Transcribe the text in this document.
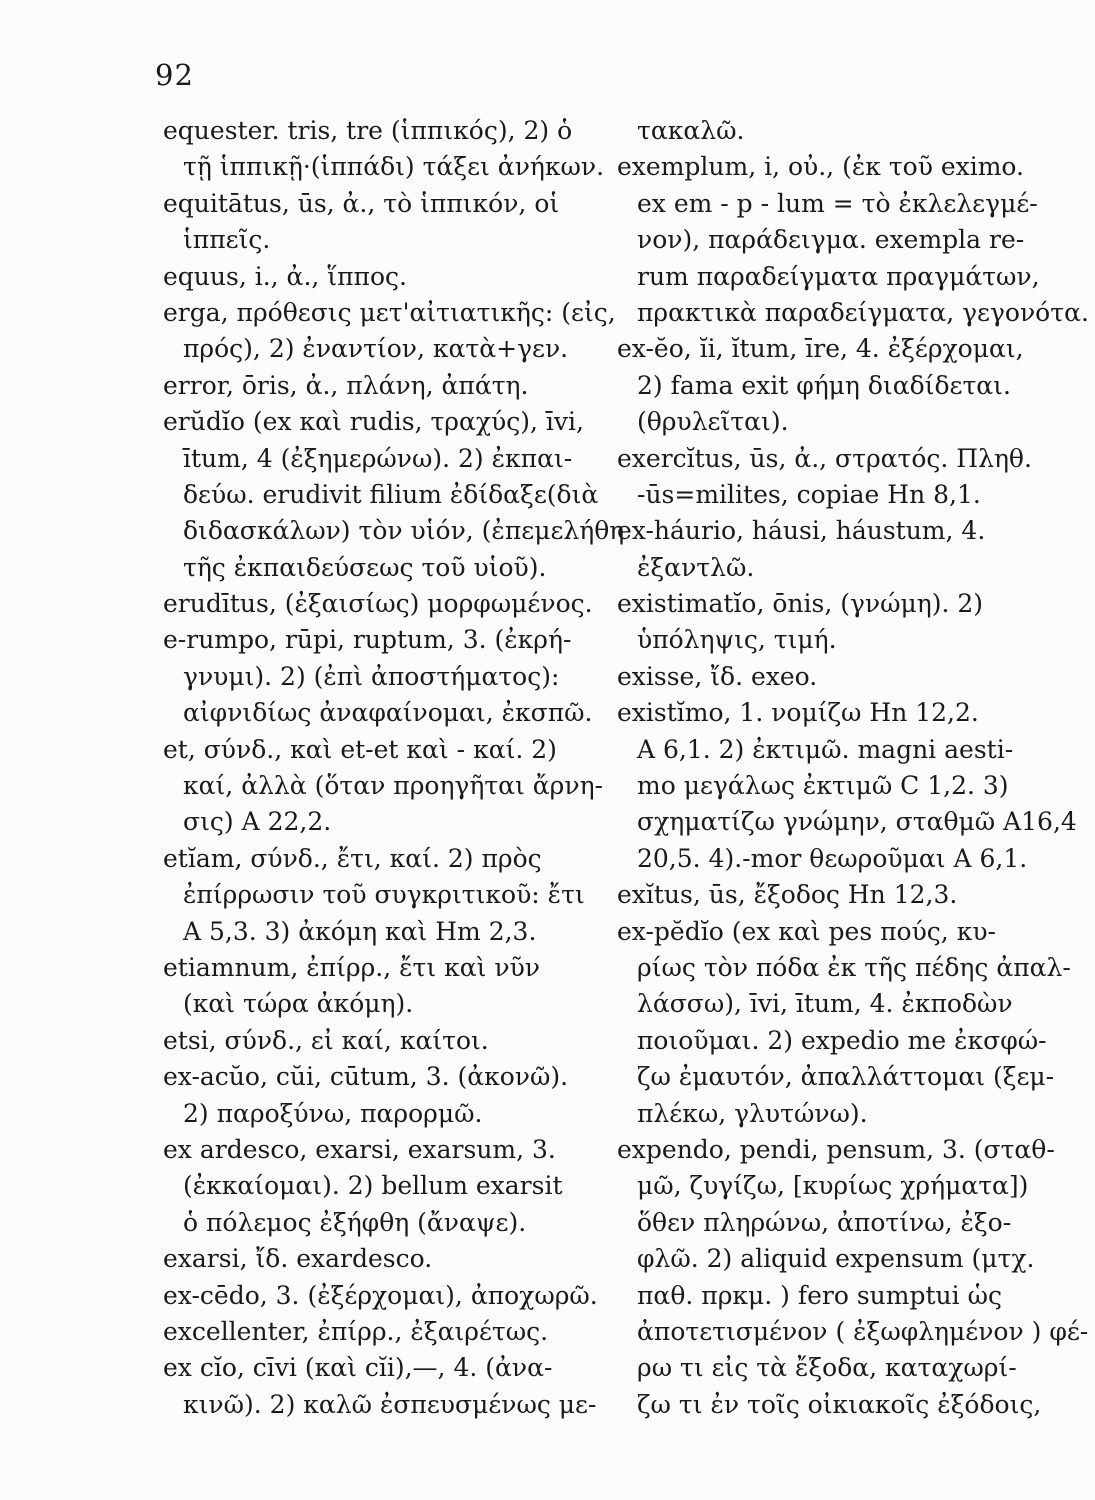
92
equester. tris, tre (ἱππικός), 2) ὁ
τῇ ἱππικῇ·(ἱππάδι) τάξει ἀνήκων.
equitātus, ūs, ἀ., τὸ ἱππικόν, οἱ
ἱππεῖς.
equus, i., ἀ., ἵππος.
erga, πρόθεσις μετ'αἰτιατικῆς: (εἰς,
πρός), 2) ἐναντίον, κατὰ+γεν.
error, ōris, ἀ., πλάνη, ἀπάτη.
erŭdĭo (ex καὶ rudis, τραχύς), īvi,
ītum, 4 (ἐξημερώνω). 2) ἐκπαι-
δεύω. erudivit filium ἐδίδαξε(διὰ
διδασκάλων) τὸν υἱόν, (ἐπεμελήθη
τῆς ἐκπαιδεύσεως τοῦ υἱοῦ).
erudītus, (ἐξαισίως) μορφωμένος.
e-rumpo, rūpi, ruptum, 3. (ἐκρή-
γνυμι). 2) (ἐπὶ ἀποστήματος):
αἰφνιδίως ἀναφαίνομαι, ἐκσπῶ.
et, σύνδ., καὶ et-et καὶ - καί. 2)
καί, ἀλλὰ (ὅταν προηγῆται ἄρνη-
σις) A 22,2.
etĭam, σύνδ., ἔτι, καί. 2) πρὸς
ἐπίρρωσιν τοῦ συγκριτικοῦ: ἔτι
A 5,3. 3) ἀκόμη καὶ Hm 2,3.
etiamnum, ἐπίρρ., ἔτι καὶ νῦν
(καὶ τώρα ἀκόμη).
etsi, σύνδ., εἰ καί, καίτοι.
ex-acŭo, cŭi, cūtum, 3. (ἀκονῶ).
2) παροξύνω, παρορμῶ.
ex ardesco, exarsi, exarsum, 3.
(ἐκκαίομαι). 2) bellum exarsit
ὁ πόλεμος ἐξήφθη (ἄναψε).
exarsi, ἴδ. exardesco.
ex-cēdo, 3. (ἐξέρχομαι), ἀποχωρῶ.
excellenter, ἐπίρρ., ἐξαιρέτως.
ex cĭo, cīvi (καὶ cĭi),—, 4. (ἀνα-
κινῶ). 2) καλῶ ἐσπευσμένως με-
τακαλῶ.
exemplum, i, οὐ., (ἐκ τοῦ eximo.
ex em - p - lum = τὸ ἐκλελεγμέ-
νον), παράδειγμα. exempla re-
rum παραδείγματα πραγμάτων,
πρακτικὰ παραδείγματα, γεγονότα.
ex-ĕo, ĭi, ĭtum, īre, 4. ἐξέρχομαι,
2) fama exit φήμη διαδίδεται.
(θρυλεῖται).
exercĭtus, ūs, ἀ., στρατός. Πληθ.
-ūs=milites, copiae Hn 8,1.
ex-háurio, háusi, háustum, 4.
ἐξαντλῶ.
existimatĭo, ōnis, (γνώμη). 2)
ὑπόληψις, τιμή.
exisse, ἴδ. exeo.
existĭmo, 1. νομίζω Hn 12,2.
A 6,1. 2) ἐκτιμῶ. magni aesti-
mo μεγάλως ἐκτιμῶ C 1,2. 3)
σχηματίζω γνώμην, σταθμῶ A16,4
20,5. 4).-mor θεωροῦμαι A 6,1.
exĭtus, ūs, ἔξοδος Hn 12,3.
ex-pĕdĭo (ex καὶ pes πούς, κυ-
ρίως τὸν πόδα ἐκ τῆς πέδης ἀπαλ-
λάσσω), īvi, ītum, 4. ἐκποδὼν
ποιοῦμαι. 2) expedio me ἐκσφώ-
ζω ἐμαυτόν, ἀπαλλάττομαι (ξεμ-
πλέκω, γλυτώνω).
expendo, pendi, pensum, 3. (σταθ-
μῶ, ζυγίζω, [κυρίως χρήματα])
ὅθεν πληρώνω, ἀποτίνω, ἐξο-
φλῶ. 2) aliquid expensum (μτχ.
παθ. πρκμ. ) fero sumptui ὡς
ἀποτετισμένον ( ἐξωφλημένον ) φέ-
ρω τι εἰς τὰ ἔξοδα, καταχωρί-
ζω τι ἐν τοῖς οἰκιακοῖς ἐξόδοις,
